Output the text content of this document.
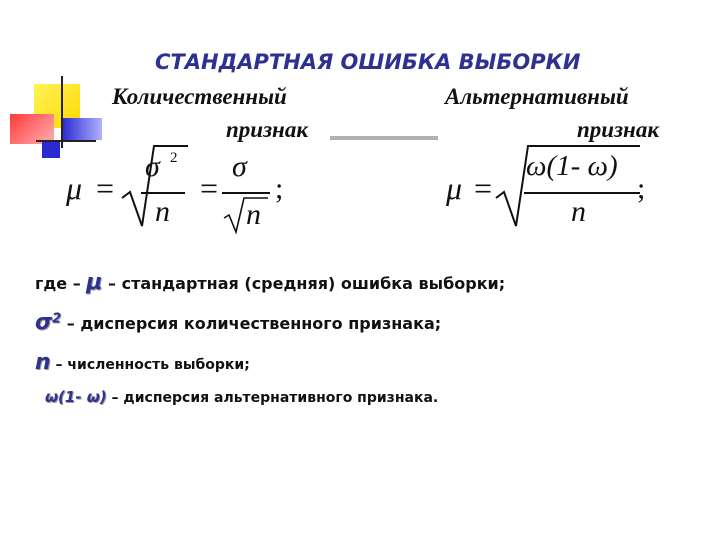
СТАНДАРТНАЯ ОШИБКА ВЫБОРКИ
Количественный
признак
Альтернативный
признак
μ =
σ 2
n
=
σ
n
;	μ =
ω(1- ω)
n
;
где – μ – стандартная (средняя) ошибка выборки;
$\sigma^2$ – дисперсия количественного признака;
n – численность выборки;
ω(1- ω) – дисперсия альтернативного признака.
